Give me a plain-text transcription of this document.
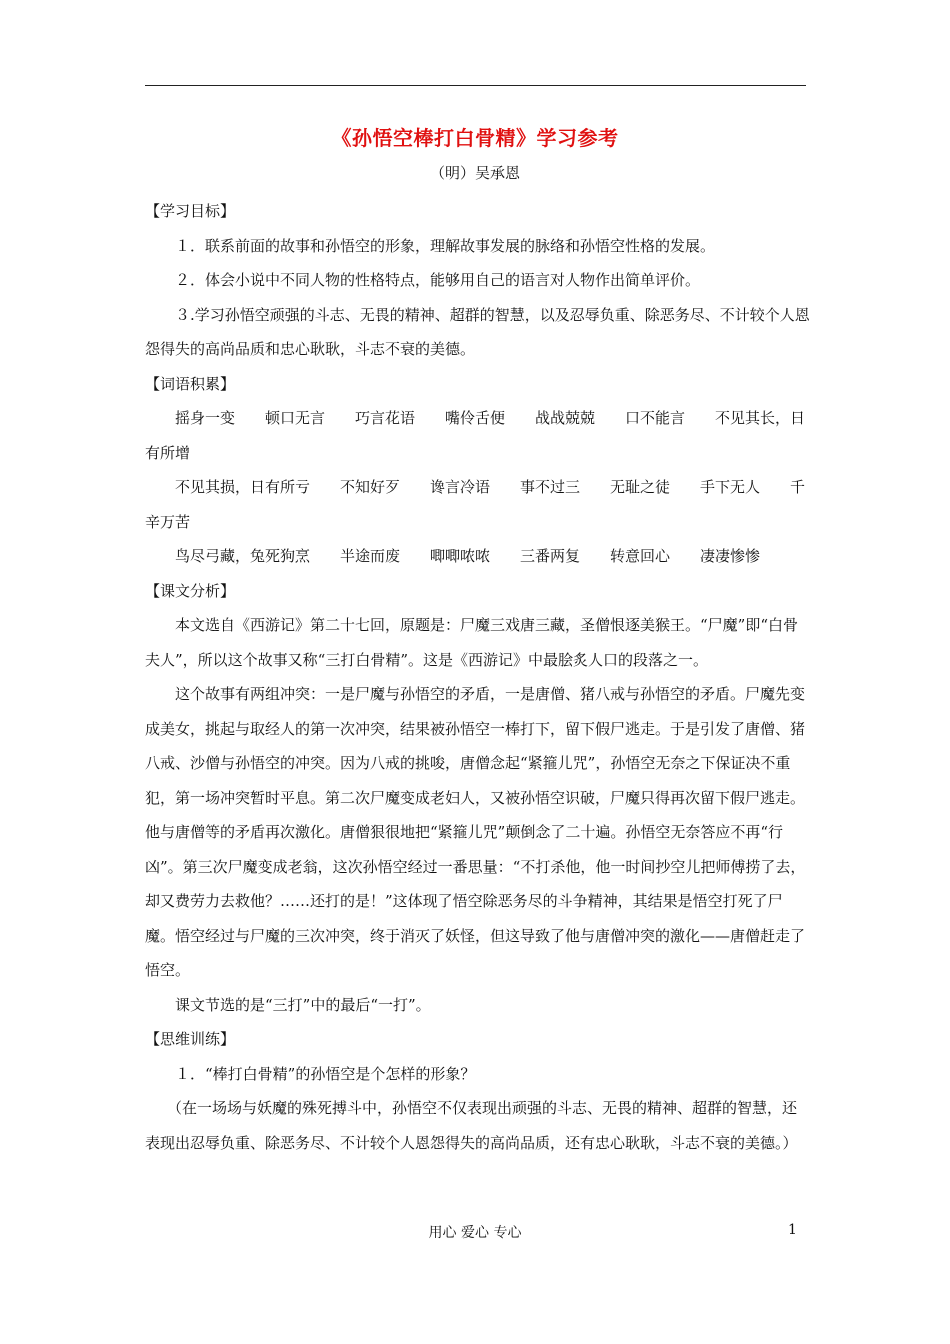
《孙悟空棒打白骨精》学习参考
（明）吴承恩

【学习目标】

１．联系前面的故事和孙悟空的形象，理解故事发展的脉络和孙悟空性格的发展。

２．体会小说中不同人物的性格特点，能够用自己的语言对人物作出简单评价。

３.学习孙悟空顽强的斗志、无畏的精神、超群的智慧，以及忍辱负重、除恶务尽、不计较个人恩怨得失的高尚品质和忠心耿耿，斗志不衰的美德。

【词语积累】

摇身一变　　顿口无言　　巧言花语　　嘴伶舌便　　战战兢兢　　口不能言　　不见其长，日有所增

不见其损，日有所亏　　不知好歹　　谗言冷语　　事不过三　　无耻之徒　　手下无人　　千辛万苦

鸟尽弓藏，兔死狗烹　　半途而废　　唧唧哝哝　　三番两复　　转意回心　　凄凄惨惨

【课文分析】

本文选自《西游记》第二十七回，原题是：尸魔三戏唐三藏，圣僧恨逐美猴王。“尸魔”即“白骨夫人”，所以这个故事又称“三打白骨精”。这是《西游记》中最脍炙人口的段落之一。

这个故事有两组冲突：一是尸魔与孙悟空的矛盾，一是唐僧、猪八戒与孙悟空的矛盾。尸魔先变成美女，挑起与取经人的第一次冲突，结果被孙悟空一棒打下，留下假尸逃走。于是引发了唐僧、猪八戒、沙僧与孙悟空的冲突。因为八戒的挑唆，唐僧念起“紧箍儿咒”，孙悟空无奈之下保证决不重犯，第一场冲突暂时平息。第二次尸魔变成老妇人，又被孙悟空识破，尸魔只得再次留下假尸逃走。他与唐僧等的矛盾再次激化。唐僧狠很地把“紧箍儿咒”颠倒念了二十遍。孙悟空无奈答应不再“行凶”。第三次尸魔变成老翁，这次孙悟空经过一番思量：“不打杀他，他一时间抄空儿把师傅捞了去，却又费劳力去救他？……还打的是！”这体现了悟空除恶务尽的斗争精神，其结果是悟空打死了尸魔。悟空经过与尸魔的三次冲突，终于消灭了妖怪，但这导致了他与唐僧冲突的激化——唐僧赶走了悟空。

课文节选的是“三打”中的最后“一打”。

【思维训练】

１．“棒打白骨精”的孙悟空是个怎样的形象？

（在一场场与妖魔的殊死搏斗中，孙悟空不仅表现出顽强的斗志、无畏的精神、超群的智慧，还表现出忍辱负重、除恶务尽、不计较个人恩怨得失的高尚品质，还有忠心耿耿，斗志不衰的美德。）

用心 爱心 专心	1
